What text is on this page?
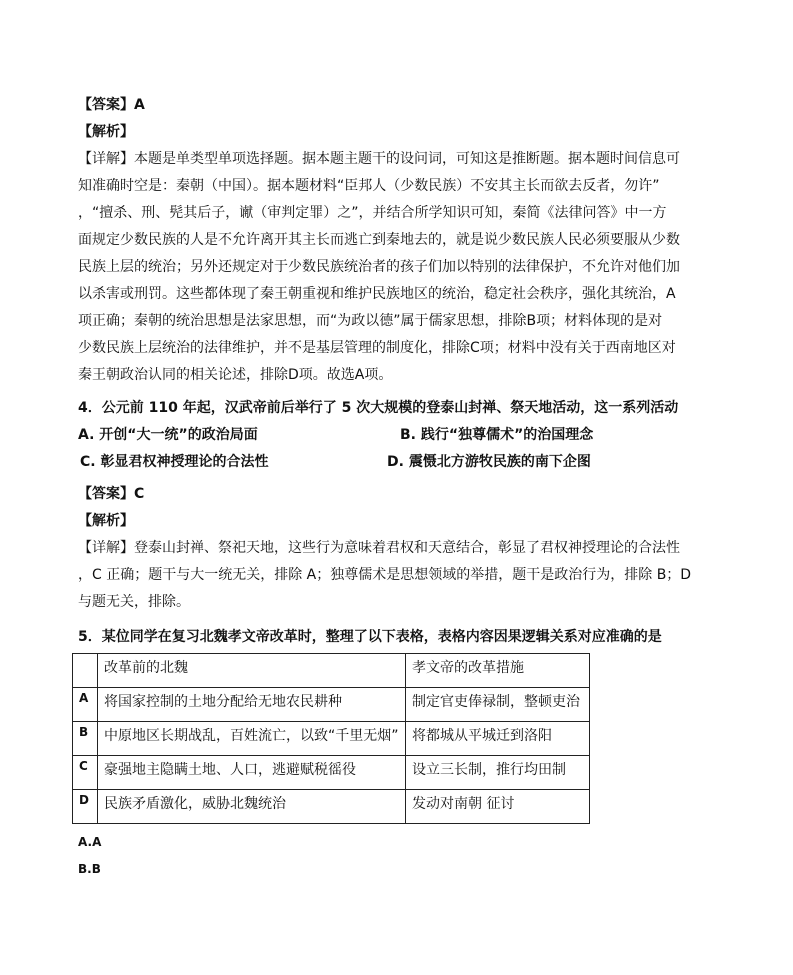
【答案】A
【解析】
【详解】本题是单类型单项选择题。据本题主题干的设问词，可知这是推断题。据本题时间信息可
知准确时空是：秦朝（中国）。据本题材料“臣邦人（少数民族）不安其主长而欲去反者，勿许”
，“擅杀、刑、髡其后子，谳（审判定罪）之”，并结合所学知识可知，秦简《法律问答》中一方
面规定少数民族的人是不允许离开其主长而逃亡到秦地去的，就是说少数民族人民必须要服从少数
民族上层的统治；另外还规定对于少数民族统治者的孩子们加以特别的法律保护，不允许对他们加
以杀害或刑罚。这些都体现了秦王朝重视和维护民族地区的统治，稳定社会秩序，强化其统治，A
项正确；秦朝的统治思想是法家思想，而“为政以德”属于儒家思想，排除B项；材料体现的是对
少数民族上层统治的法律维护，并不是基层管理的制度化，排除C项；材料中没有关于西南地区对
秦王朝政治认同的相关论述，排除D项。故选A项。
4．公元前 110 年起，汉武帝前后举行了 5 次大规模的登泰山封禅、祭天地活动，这一系列活动
A. 开创“大一统”的政治局面	B. 践行“独尊儒术”的治国理念
C. 彰显君权神授理论的合法性	D. 震慑北方游牧民族的南下企图
【答案】C
【解析】
【详解】登泰山封禅、祭祀天地，这些行为意味着君权和天意结合，彰显了君权神授理论的合法性
，C 正确；题干与大一统无关，排除 A；独尊儒术是思想领域的举措，题干是政治行为，排除 B；D
与题无关，排除。
5．某位同学在复习北魏孝文帝改革时，整理了以下表格，表格内容因果逻辑关系对应准确的是
	改革前的北魏	孝文帝的改革措施
A	将国家控制的土地分配给无地农民耕种	制定官吏俸禄制，整顿吏治
B	中原地区长期战乱，百姓流亡，以致“千里无烟”	将都城从平城迁到洛阳
C	豪强地主隐瞒土地、人口，逃避赋税徭役	设立三长制，推行均田制
D	民族矛盾激化，威胁北魏统治	发动对南朝 征讨
A.A
B.B
